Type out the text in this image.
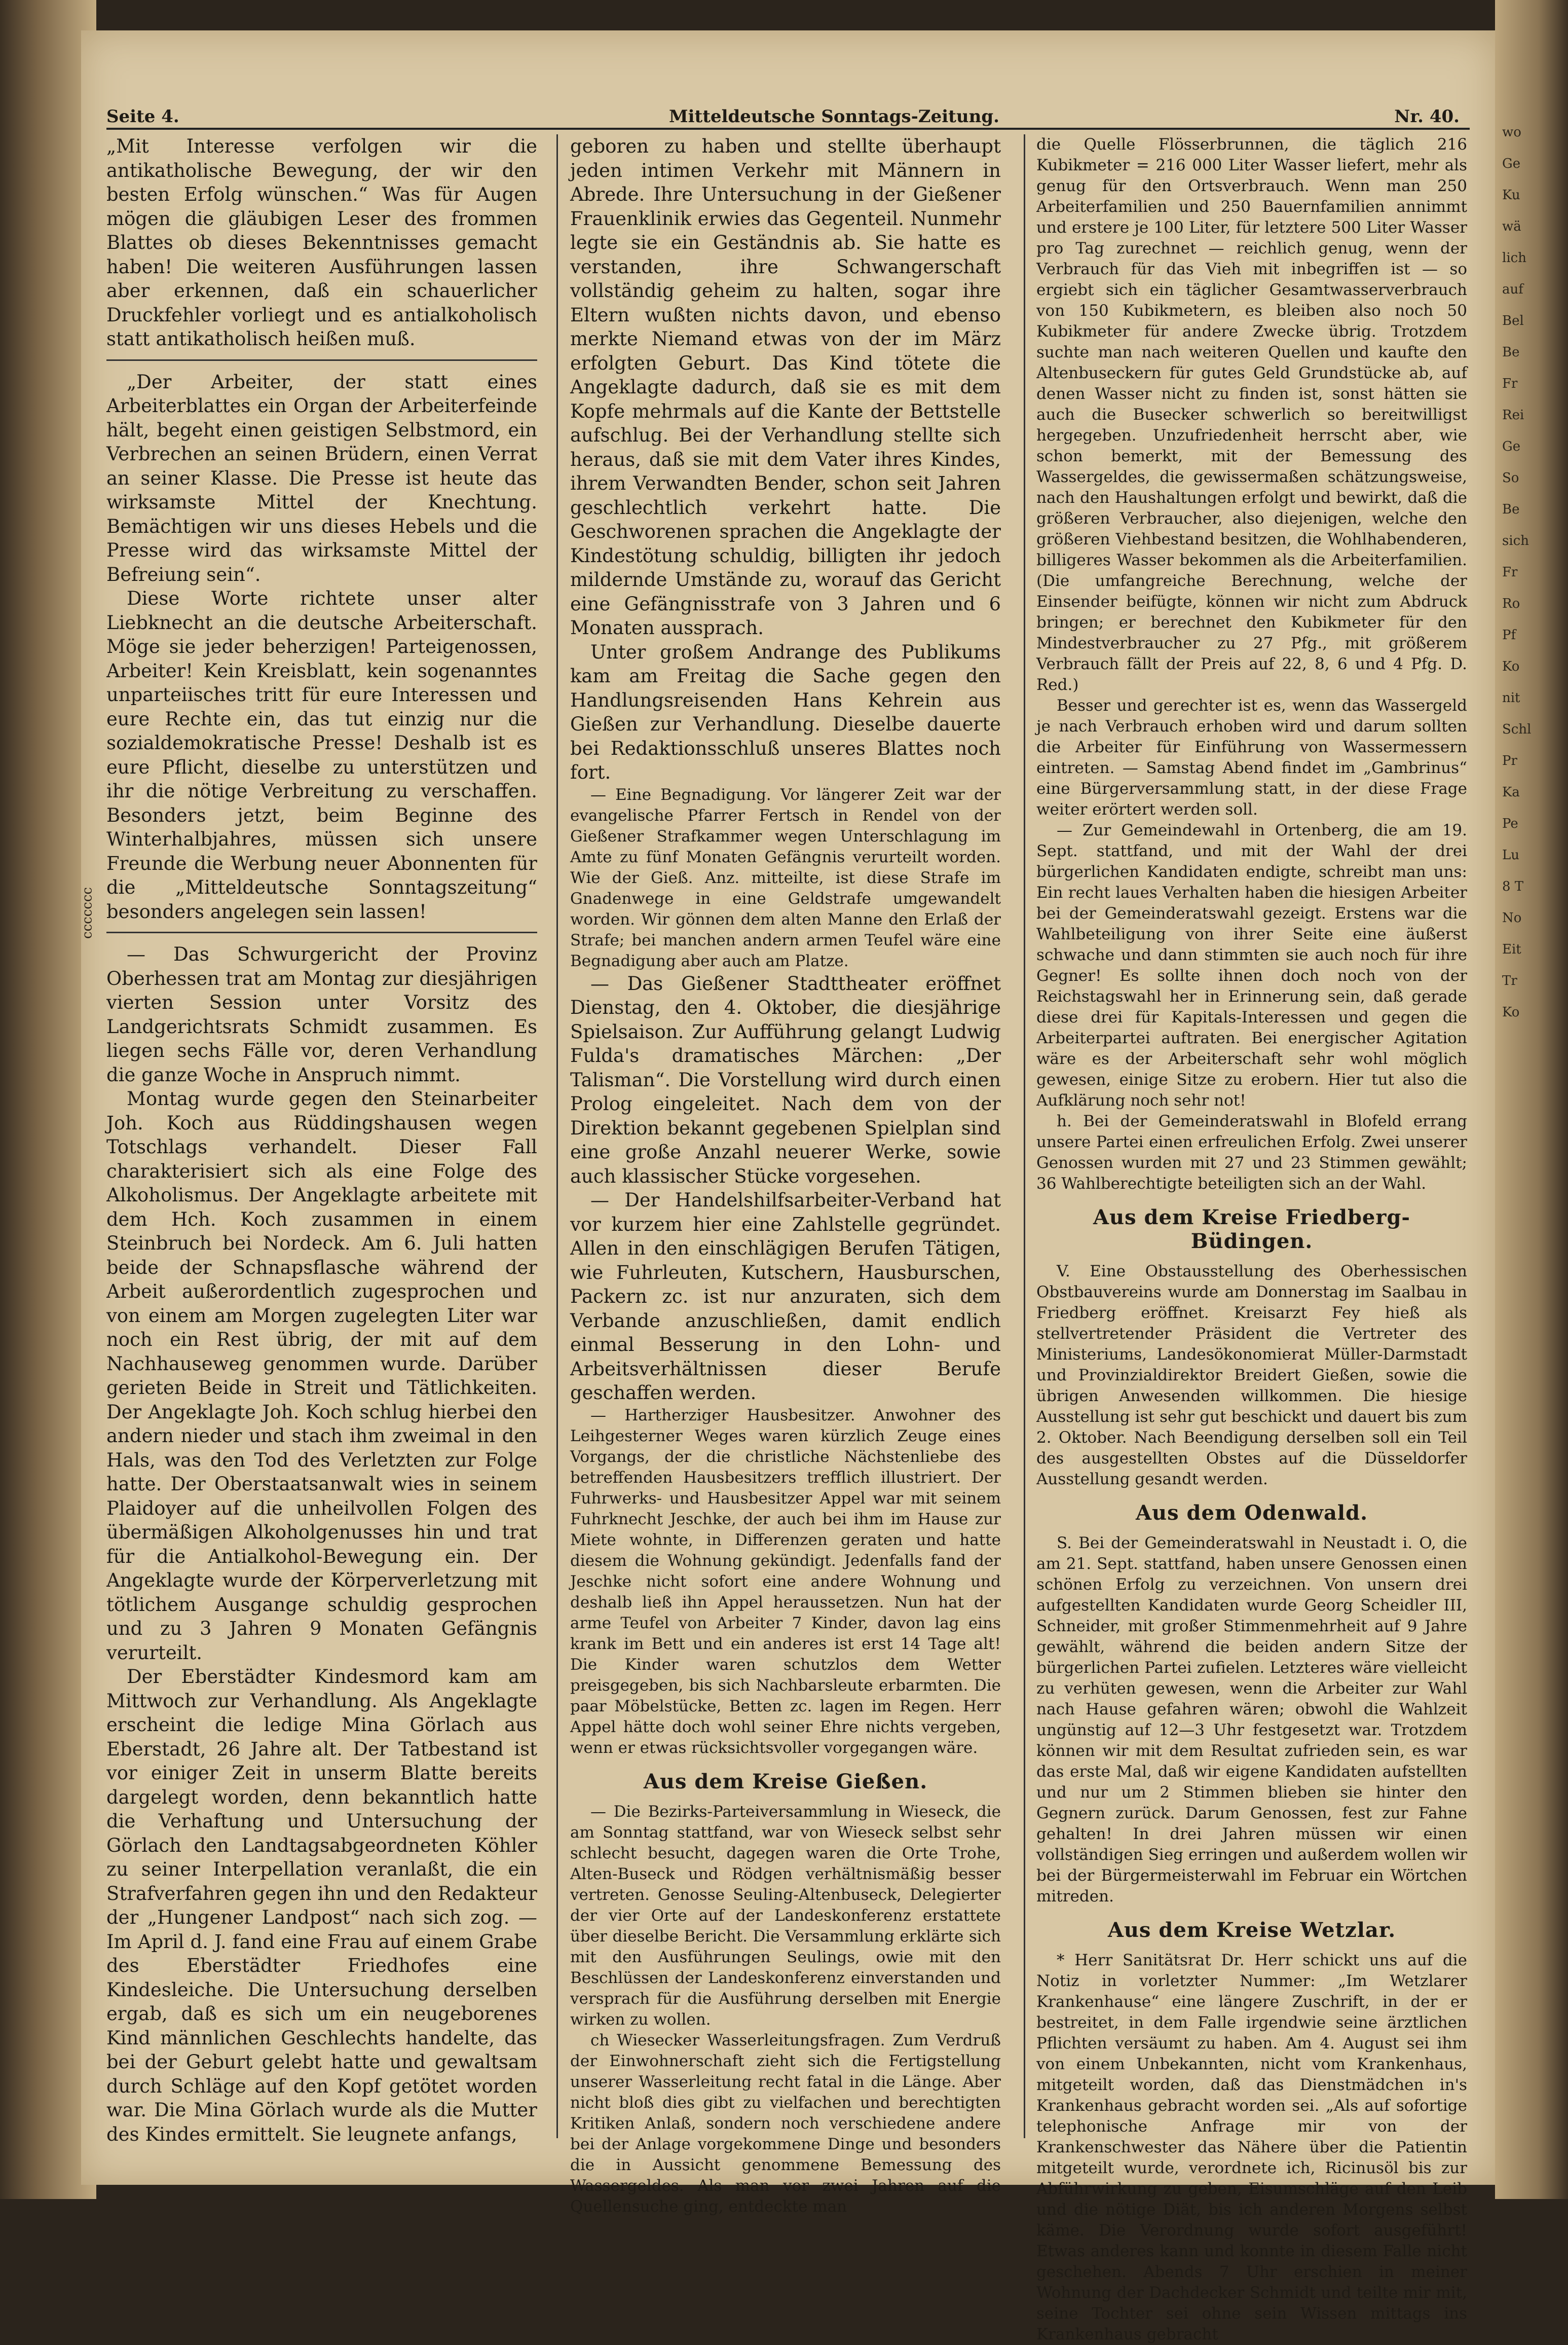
wo

Ge

Ku

wä

lich

auf

Bel

Be

Fr

Rei

Ge

So

Be

sich

Fr

Ro

Pf

Ko

nit

Schl

Pr

Ka

Pe

Lu

8 T

No

Eit

Tr

Ko

Seite 4.	Mitteldeutsche Sonntags-Zeitung.	Nr. 40.

„Mit Interesse verfolgen wir die antikatholische Bewegung, der wir den besten Erfolg wünschen.“ Was für Augen mögen die gläubigen Leser des frommen Blattes ob dieses Bekenntnisses gemacht haben! Die weiteren Ausführungen lassen aber erkennen, daß ein schauerlicher Druckfehler vorliegt und es antialkoholisch statt antikatholisch heißen muß.

„Der Arbeiter, der statt eines Arbeiterblattes ein Organ der Arbeiterfeinde hält, begeht einen geistigen Selbstmord, ein Verbrechen an seinen Brüdern, einen Verrat an seiner Klasse. Die Presse ist heute das wirksamste Mittel der Knechtung. Bemächtigen wir uns dieses Hebels und die Presse wird das wirksamste Mittel der Befreiung sein“.

Diese Worte richtete unser alter Liebknecht an die deutsche Arbeiterschaft. Möge sie jeder beherzigen! Parteigenossen, Arbeiter! Kein Kreisblatt, kein sogenanntes unparteiisches tritt für eure Interessen und eure Rechte ein, das tut einzig nur die sozialdemokratische Presse! Deshalb ist es eure Pflicht, dieselbe zu unterstützen und ihr die nötige Verbreitung zu verschaffen. Besonders jetzt, beim Beginne des Winterhalbjahres, müssen sich unsere Freunde die Werbung neuer Abonnenten für die „Mitteldeutsche Sonntagszeitung“ besonders angelegen sein lassen!

— Das Schwurgericht der Provinz Oberhessen trat am Montag zur diesjährigen vierten Session unter Vorsitz des Landgerichtsrats Schmidt zusammen. Es liegen sechs Fälle vor, deren Verhandlung die ganze Woche in Anspruch nimmt.

Montag wurde gegen den Steinarbeiter Joh. Koch aus Rüddingshausen wegen Totschlags verhandelt. Dieser Fall charakterisiert sich als eine Folge des Alkoholismus. Der Angeklagte arbeitete mit dem Hch. Koch zusammen in einem Steinbruch bei Nordeck. Am 6. Juli hatten beide der Schnapsflasche während der Arbeit außerordentlich zugesprochen und von einem am Morgen zugelegten Liter war noch ein Rest übrig, der mit auf dem Nachhauseweg genommen wurde. Darüber gerieten Beide in Streit und Tätlichkeiten. Der Angeklagte Joh. Koch schlug hierbei den andern nieder und stach ihm zweimal in den Hals, was den Tod des Verletzten zur Folge hatte. Der Oberstaatsanwalt wies in seinem Plaidoyer auf die unheilvollen Folgen des übermäßigen Alkoholgenusses hin und trat für die Antialkohol-Bewegung ein. Der Angeklagte wurde der Körperverletzung mit tötlichem Ausgange schuldig gesprochen und zu 3 Jahren 9 Monaten Gefängnis verurteilt.

Der Eberstädter Kindesmord kam am Mittwoch zur Verhandlung. Als Angeklagte erscheint die ledige Mina Görlach aus Eberstadt, 26 Jahre alt. Der Tatbestand ist vor einiger Zeit in unserm Blatte bereits dargelegt worden, denn bekanntlich hatte die Verhaftung und Untersuchung der Görlach den Landtagsabgeordneten Köhler zu seiner Interpellation veranlaßt, die ein Strafverfahren gegen ihn und den Redakteur der „Hungener Landpost“ nach sich zog. — Im April d. J. fand eine Frau auf einem Grabe des Eberstädter Friedhofes eine Kindesleiche. Die Untersuchung derselben ergab, daß es sich um ein neugeborenes Kind männlichen Geschlechts handelte, das bei der Geburt gelebt hatte und gewaltsam durch Schläge auf den Kopf getötet worden war. Die Mina Görlach wurde als die Mutter des Kindes ermittelt. Sie leugnete anfangs,

geboren zu haben und stellte überhaupt jeden intimen Verkehr mit Männern in Abrede. Ihre Untersuchung in der Gießener Frauenklinik erwies das Gegenteil. Nunmehr legte sie ein Geständnis ab. Sie hatte es verstanden, ihre Schwangerschaft vollständig geheim zu halten, sogar ihre Eltern wußten nichts davon, und ebenso merkte Niemand etwas von der im März erfolgten Geburt. Das Kind tötete die Angeklagte dadurch, daß sie es mit dem Kopfe mehrmals auf die Kante der Bettstelle aufschlug. Bei der Verhandlung stellte sich heraus, daß sie mit dem Vater ihres Kindes, ihrem Verwandten Bender, schon seit Jahren geschlechtlich verkehrt hatte. Die Geschworenen sprachen die Angeklagte der Kindestötung schuldig, billigten ihr jedoch mildernde Umstände zu, worauf das Gericht eine Gefängnisstrafe von 3 Jahren und 6 Monaten aussprach.

Unter großem Andrange des Publikums kam am Freitag die Sache gegen den Handlungsreisenden Hans Kehrein aus Gießen zur Verhandlung. Dieselbe dauerte bei Redaktionsschluß unseres Blattes noch fort.

— Eine Begnadigung. Vor längerer Zeit war der evangelische Pfarrer Fertsch in Rendel von der Gießener Strafkammer wegen Unterschlagung im Amte zu fünf Monaten Gefängnis verurteilt worden. Wie der Gieß. Anz. mitteilte, ist diese Strafe im Gnadenwege in eine Geldstrafe umgewandelt worden. Wir gönnen dem alten Manne den Erlaß der Strafe; bei manchen andern armen Teufel wäre eine Begnadigung aber auch am Platze.

— Das Gießener Stadttheater eröffnet Dienstag, den 4. Oktober, die diesjährige Spielsaison. Zur Aufführung gelangt Ludwig Fulda's dramatisches Märchen: „Der Talisman“. Die Vorstellung wird durch einen Prolog eingeleitet. Nach dem von der Direktion bekannt gegebenen Spielplan sind eine große Anzahl neuerer Werke, sowie auch klassischer Stücke vorgesehen.

— Der Handelshilfsarbeiter-Verband hat vor kurzem hier eine Zahlstelle gegründet. Allen in den einschlägigen Berufen Tätigen, wie Fuhrleuten, Kutschern, Hausburschen, Packern zc. ist nur anzuraten, sich dem Verbande anzuschließen, damit endlich einmal Besserung in den Lohn- und Arbeitsverhältnissen dieser Berufe geschaffen werden.

— Hartherziger Hausbesitzer. Anwohner des Leihgesterner Weges waren kürzlich Zeuge eines Vorgangs, der die christliche Nächstenliebe des betreffenden Hausbesitzers trefflich illustriert. Der Fuhrwerks- und Hausbesitzer Appel war mit seinem Fuhrknecht Jeschke, der auch bei ihm im Hause zur Miete wohnte, in Differenzen geraten und hatte diesem die Wohnung gekündigt. Jedenfalls fand der Jeschke nicht sofort eine andere Wohnung und deshalb ließ ihn Appel heraussetzen. Nun hat der arme Teufel von Arbeiter 7 Kinder, davon lag eins krank im Bett und ein anderes ist erst 14 Tage alt! Die Kinder waren schutzlos dem Wetter preisgegeben, bis sich Nachbarsleute erbarmten. Die paar Möbelstücke, Betten zc. lagen im Regen. Herr Appel hätte doch wohl seiner Ehre nichts vergeben, wenn er etwas rücksichtsvoller vorgegangen wäre.

Aus dem Kreise Gießen.

— Die Bezirks-Parteiversammlung in Wieseck, die am Sonntag stattfand, war von Wieseck selbst sehr schlecht besucht, dagegen waren die Orte Trohe, Alten-Buseck und Rödgen verhältnismäßig besser vertreten. Genosse Seuling-Altenbuseck, Delegierter der vier Orte auf der Landeskonferenz erstattete über dieselbe Bericht. Die Versammlung erklärte sich mit den Ausführungen Seulings, owie mit den Beschlüssen der Landeskonferenz einverstanden und versprach für die Ausführung derselben mit Energie wirken zu wollen.

ch Wiesecker Wasserleitungsfragen. Zum Verdruß der Einwohnerschaft zieht sich die Fertigstellung unserer Wasserleitung recht fatal in die Länge. Aber nicht bloß dies gibt zu vielfachen und berechtigten Kritiken Anlaß, sondern noch verschiedene andere bei der Anlage vorgekommene Dinge und besonders die in Aussicht genommene Bemessung des Wassergeldes. Als man vor zwei Jahren auf die Quellensuche ging, entdeckte man

die Quelle Flösserbrunnen, die täglich 216 Kubikmeter = 216 000 Liter Wasser liefert, mehr als genug für den Ortsverbrauch. Wenn man 250 Arbeiterfamilien und 250 Bauernfamilien annimmt und erstere je 100 Liter, für letztere 500 Liter Wasser pro Tag zurechnet — reichlich genug, wenn der Verbrauch für das Vieh mit inbegriffen ist — so ergiebt sich ein täglicher Gesamtwasserverbrauch von 150 Kubikmetern, es bleiben also noch 50 Kubikmeter für andere Zwecke übrig. Trotzdem suchte man nach weiteren Quellen und kaufte den Altenbuseckern für gutes Geld Grundstücke ab, auf denen Wasser nicht zu finden ist, sonst hätten sie auch die Busecker schwerlich so bereitwilligst hergegeben. Unzufriedenheit herrscht aber, wie schon bemerkt, mit der Bemessung des Wassergeldes, die gewissermaßen schätzungsweise, nach den Haushaltungen erfolgt und bewirkt, daß die größeren Verbraucher, also diejenigen, welche den größeren Viehbestand besitzen, die Wohlhabenderen, billigeres Wasser bekommen als die Arbeiterfamilien. (Die umfangreiche Berechnung, welche der Einsender beifügte, können wir nicht zum Abdruck bringen; er berechnet den Kubikmeter für den Mindestverbraucher zu 27 Pfg., mit größerem Verbrauch fällt der Preis auf 22, 8, 6 und 4 Pfg. D. Red.)

Besser und gerechter ist es, wenn das Wassergeld je nach Verbrauch erhoben wird und darum sollten die Arbeiter für Einführung von Wassermessern eintreten. — Samstag Abend findet im „Gambrinus“ eine Bürgerversammlung statt, in der diese Frage weiter erörtert werden soll.

— Zur Gemeindewahl in Ortenberg, die am 19. Sept. stattfand, und mit der Wahl der drei bürgerlichen Kandidaten endigte, schreibt man uns: Ein recht laues Verhalten haben die hiesigen Arbeiter bei der Gemeinderatswahl gezeigt. Erstens war die Wahlbeteiligung von ihrer Seite eine äußerst schwache und dann stimmten sie auch noch für ihre Gegner! Es sollte ihnen doch noch von der Reichstagswahl her in Erinnerung sein, daß gerade diese drei für Kapitals-Interessen und gegen die Arbeiterpartei auftraten. Bei energischer Agitation wäre es der Arbeiterschaft sehr wohl möglich gewesen, einige Sitze zu erobern. Hier tut also die Aufklärung noch sehr not!

h. Bei der Gemeinderatswahl in Blofeld errang unsere Partei einen erfreulichen Erfolg. Zwei unserer Genossen wurden mit 27 und 23 Stimmen gewählt; 36 Wahlberechtigte beteiligten sich an der Wahl.

Aus dem Kreise Friedberg-Büdingen.

V. Eine Obstausstellung des Oberhessischen Obstbauvereins wurde am Donnerstag im Saalbau in Friedberg eröffnet. Kreisarzt Fey hieß als stellvertretender Präsident die Vertreter des Ministeriums, Landesökonomierat Müller-Darmstadt und Provinzialdirektor Breidert Gießen, sowie die übrigen Anwesenden willkommen. Die hiesige Ausstellung ist sehr gut beschickt und dauert bis zum 2. Oktober. Nach Beendigung derselben soll ein Teil des ausgestellten Obstes auf die Düsseldorfer Ausstellung gesandt werden.

Aus dem Odenwald.

S. Bei der Gemeinderatswahl in Neustadt i. O, die am 21. Sept. stattfand, haben unsere Genossen einen schönen Erfolg zu verzeichnen. Von unsern drei aufgestellten Kandidaten wurde Georg Scheidler III, Schneider, mit großer Stimmenmehrheit auf 9 Jahre gewählt, während die beiden andern Sitze der bürgerlichen Partei zufielen. Letzteres wäre vielleicht zu verhüten gewesen, wenn die Arbeiter zur Wahl nach Hause gefahren wären; obwohl die Wahlzeit ungünstig auf 12—3 Uhr festgesetzt war. Trotzdem können wir mit dem Resultat zufrieden sein, es war das erste Mal, daß wir eigene Kandidaten aufstellten und nur um 2 Stimmen blieben sie hinter den Gegnern zurück. Darum Genossen, fest zur Fahne gehalten! In drei Jahren müssen wir einen vollständigen Sieg erringen und außerdem wollen wir bei der Bürgermeisterwahl im Februar ein Wörtchen mitreden.

Aus dem Kreise Wetzlar.

* Herr Sanitätsrat Dr. Herr schickt uns auf die Notiz in vorletzter Nummer: „Im Wetzlarer Krankenhause“ eine längere Zuschrift, in der er bestreitet, in dem Falle irgendwie seine ärztlichen Pflichten versäumt zu haben. Am 4. August sei ihm von einem Unbekannten, nicht vom Krankenhaus, mitgeteilt worden, daß das Dienstmädchen in's Krankenhaus gebracht worden sei. „Als auf sofortige telephonische Anfrage mir von der Krankenschwester das Nähere über die Patientin mitgeteilt wurde, verordnete ich, Ricinusöl bis zur Abführwirkung zu geben, Eisumschläge auf den Leib und die nötige Diät, bis ich anderen Morgens selbst käme. Die Verordnung wurde sofort ausgeführt! Etwas anderes kann und konnte in diesem Falle nicht geschehen. Abends 7 Uhr erschien in meiner Wohnung der Dachdecker Schmidt und teilte mir mit, seine Tochter sei ohne sein Wissen mittags ins Krankenhaus gebracht

ɔɔɔɔɔɔɔ
